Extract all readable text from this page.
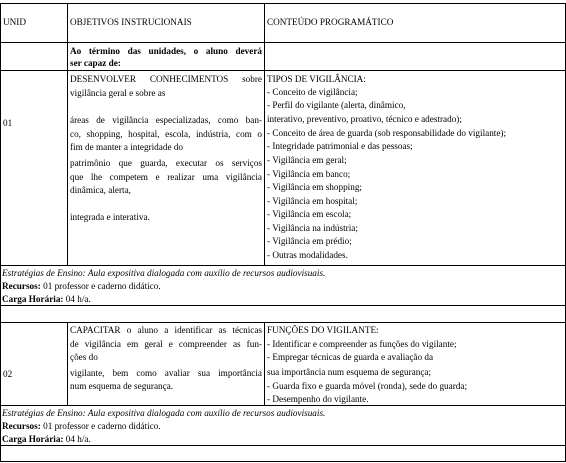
UNID	OBJETIVOS INSTRUCIONAIS	CONTEÚDO PROGRAMÁTICO
Ao término das unidades, o aluno deverá
ser capaz de:
01
DESENVOLVER CONHECIMENTOS sobre
vigilância geral e sobre as
áreas de vigilância especializadas, como ban-
co, shopping, hospital, escola, indústria, com o
fim de manter a integridade do
patrimônio que guarda, executar os serviços
que lhe competem e realizar uma vigilância
dinâmica, alerta,
integrada e interativa.
TIPOS DE VIGILÂNCIA:
- Conceito de vigilância;
- Perfil do vigilante (alerta, dinâmico,
interativo, preventivo, proativo, técnico e adestrado);
- Conceito de área de guarda (sob responsabilidade do vigilante);
- Integridade patrimonial e das pessoas;
- Vigilância em geral;
- Vigilância em banco;
- Vigilância em shopping;
- Vigilância em hospital;
- Vigilância em escola;
- Vigilância na indústria;
- Vigilância em prédio;
- Outras modalidades.
Estratégias de Ensino: Aula expositiva dialogada com auxílio de recursos audiovisuais.
Recursos: 01 professor e caderno didático.
Carga Horária: 04 h/a.
02
CAPACITAR o aluno a identificar as técnicas
de vigilância em geral e compreender as fun-
ções do
vigilante, bem como avaliar sua importância
num esquema de segurança.
FUNÇÕES DO VIGILANTE:
- Identificar e compreender as funções do vigilante;
- Empregar técnicas de guarda e avaliação da
sua importância num esquema de segurança;
- Guarda fixo e guarda móvel (ronda), sede do guarda;
- Desempenho do vigilante.
Estratégias de Ensino: Aula expositiva dialogada com auxílio de recursos audiovisuais.
Recursos: 01 professor e caderno didático.
Carga Horária: 04 h/a.
